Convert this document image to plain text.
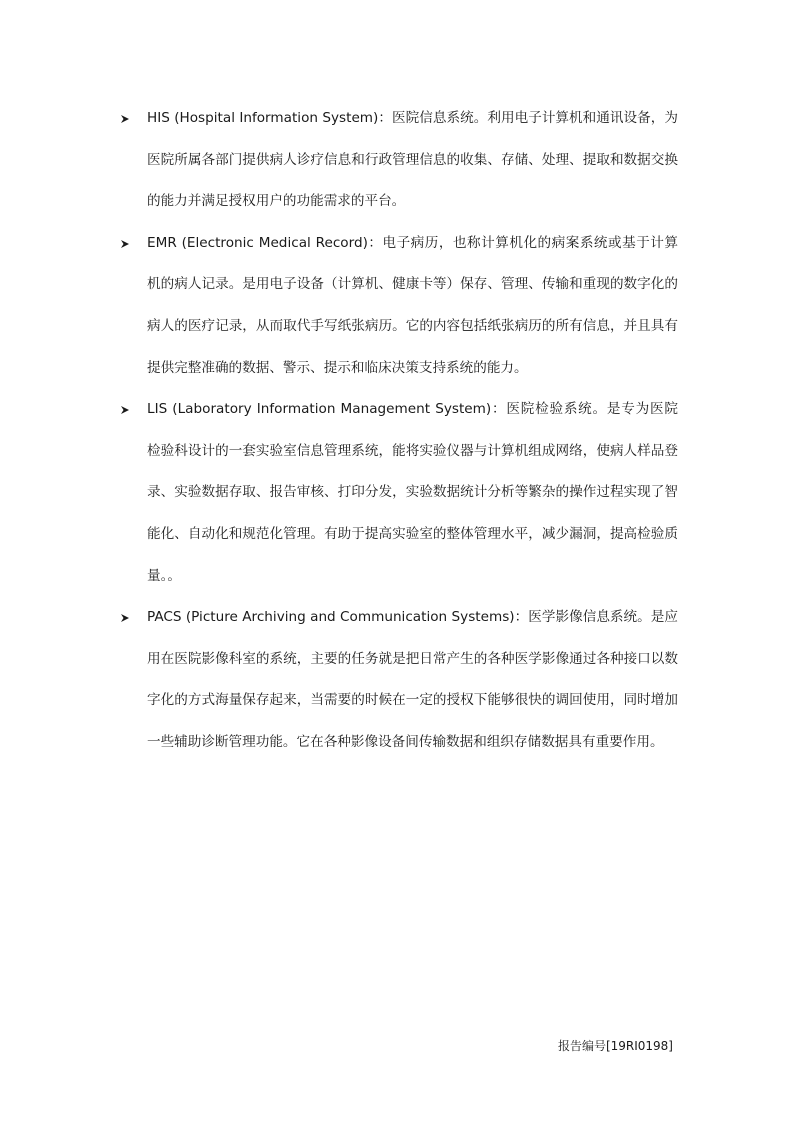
HIS (Hospital Information System)：医院信息系统。利用电子计算机和通讯设备，为医院所属各部门提供病人诊疗信息和行政管理信息的收集、存储、处理、提取和数据交换的能力并满足授权用户的功能需求的平台。
EMR (Electronic Medical Record)：电子病历，也称计算机化的病案系统或基于计算机的病人记录。是用电子设备（计算机、健康卡等）保存、管理、传输和重现的数字化的病人的医疗记录，从而取代手写纸张病历。它的内容包括纸张病历的所有信息，并且具有提供完整准确的数据、警示、提示和临床决策支持系统的能力。
LIS (Laboratory Information Management System)：医院检验系统。是专为医院检验科设计的一套实验室信息管理系统，能将实验仪器与计算机组成网络，使病人样品登录、实验数据存取、报告审核、打印分发，实验数据统计分析等繁杂的操作过程实现了智能化、自动化和规范化管理。有助于提高实验室的整体管理水平，减少漏洞，提高检验质量。。
PACS (Picture Archiving and Communication Systems)：医学影像信息系统。是应用在医院影像科室的系统，主要的任务就是把日常产生的各种医学影像通过各种接口以数字化的方式海量保存起来，当需要的时候在一定的授权下能够很快的调回使用，同时增加一些辅助诊断管理功能。它在各种影像设备间传输数据和组织存储数据具有重要作用。
报告编号[19RI0198]
